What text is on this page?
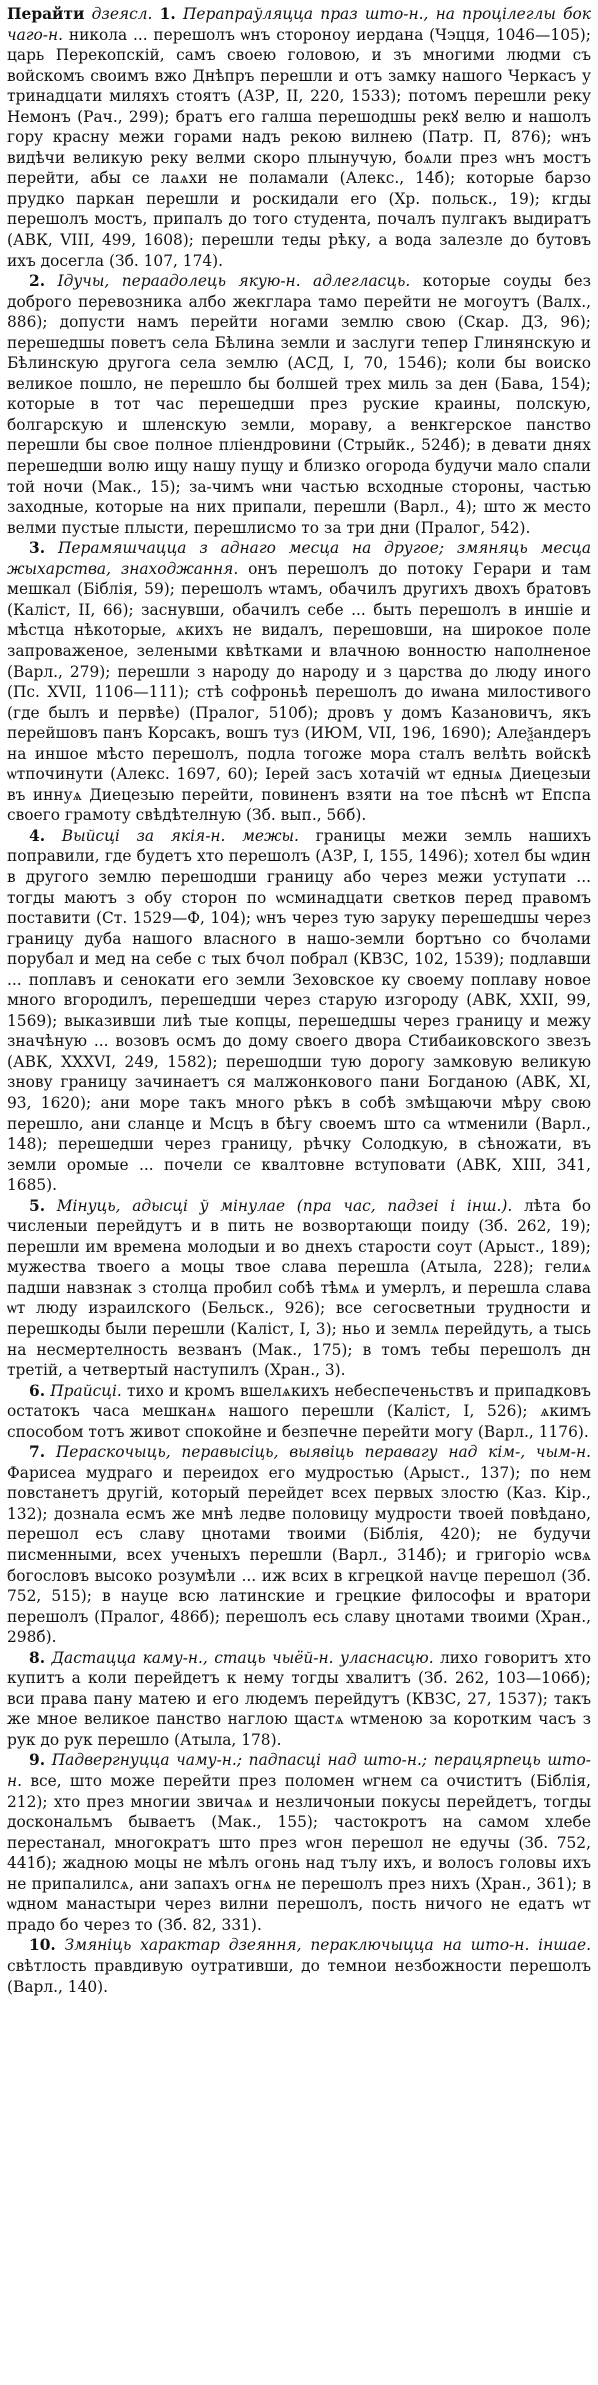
Перайти дзеясл. 1. Перапраўляцца праз што-н., на процілеглы бок чаго-н. никола ... перешолъ ѡнъ стороноу иердана (Чэцця, 1046—105); царь Перекопскій, самъ своею головою, и зъ многими людми съ войскомъ своимъ вжо Днѣпръ перешли и отъ замку нашого Черкасъ у тринадцати миляхъ стоятъ (АЗР, II, 220, 1533); потомъ перешли реку Немонъ (Рач., 299); братъ его галша перешодшы рекꙋ велю и нашолъ гору красну межи горами надъ рекою вилнею (Патр. П, 876); ѡнъ видѣчи великую реку велми скоро плынучую, боѧли през ѡнъ мостъ перейти, абы се лаѧхи не поламали (Алекс., 14б); которые барзо прудко паркан перешли и роскидали его (Хр. польск., 19); кгды перешолъ мостъ, припалъ до того студента, почалъ пулгакъ выдиратъ (АВК, VIII, 499, 1608); перешли теды рѣку, а вода залезле до бутовъ ихъ досегла (Зб. 107, 174).

2. Ідучы, пераадолець якую-н. адлегласць. которые соуды без доброго перевозника албо жекглара тамо перейти не могоутъ (Валх., 886); допусти намъ перейти ногами землю свою (Скар. ДЗ, 96); перешедшы поветъ села Бѣлина земли и заслуги тепер Глинянскую и Бѣлинскую другога села землю (АСД, I, 70, 1546); коли бы воиско великое пошло, не перешло бы болшей трех миль за ден (Бава, 154); которые в тот час перешедши през руские краины, полскую, болгарскую и шленскую земли, мораву, а венкгерское панство перешли бы свое полное пліендровини (Стрыйк., 524б); в девати днях перешедши волю ищу нашу пущу и близко огорода будучи мало спали той ночи (Мак., 15); за-чимъ ѡни частью всходные стороны, частью заходные, которые на них припали, перешли (Варл., 4); што ж место велми пустые плысти, перешлисмо то за три дни (Пралог, 542).

3. Перамяшчацца з аднаго месца на другое; змяняць месца жыхарства, знаходжання. онъ перешолъ до потоку Герари и там мешкал (Біблія, 59); перешолъ ѡтамъ, обачилъ другихъ двохъ братовъ (Каліст, II, 66); заснувши, обачилъ себе ... быть перешолъ в иншіе и мѣстца нѣкоторые, ѧкихъ не видалъ, перешовши, на широкое поле запроваженое, зелеными квѣтками и влачною вонностю наполненое (Варл., 279); перешли з народу до народу и з царства до люду иного (Пс. XVII, 1106—111); стѣ софроньѣ перешолъ до иѡана милостивого (где былъ и первѣе) (Пралог, 510б); дровъ у домъ Казановичъ, якъ перейшовъ панъ Корсакъ, вошъ туз (ИЮМ, VII, 196, 1690); Алеѯандеръ на иншое мѣсто перешолъ, подла тогоже мора сталъ велѣть войскѣ ѡтпочинути (Алекс. 1697, 60); Іерей засъ хотачій ѡт едныѧ Диецезыи въ иннуѧ Диецезыю перейти, повиненъ взяти на тое пѣснѣ ѡт Епспа своего грамоту свѣдѣтелную (Зб. вып., 56б).

4. Выйсці за якія-н. межы. границы межи земль нашихъ поправили, где будетъ хто перешолъ (АЗР, I, 155, 1496); хотел бы ѡдин в другого землю перешодши границу або через межи уступати ... тогды маютъ з обу сторон по ѡсминадцати светков перед правомъ поставити (Ст. 1529—Ф, 104); ѡнъ через тую заруку перешедшы через границу дуба нашого власного в нашо-земли бортъно со бчолами порубал и мед на себе с тых бчол побрал (КВЗС, 102, 1539); подлавши ... поплавъ и сенокати его земли Зеховское ку своему поплаву новое много вгородилъ, перешедши через старую изгороду (АВК, XXII, 99, 1569); выказивши лиѣ тые копцы, перешедшы через границу и межу значѣную ... возовъ осмъ до дому своего двора Стибаиковского звезъ (АВК, XXXVI, 249, 1582); перешодши тую дорогу замковую великую знову границу зачинаетъ ся малжонкового пани Богданою (АВК, XI, 93, 1620); ани море такъ много рѣкъ в собѣ змѣщаючи мѣру свою перешло, ани сланце и Мсцъ в бѣгу своемъ што са ѡтменили (Варл., 148); перешедши через границу, рѣчку Солодкую, в сѣножати, въ земли оромые ... почели се квалтовне вступовати (АВК, XIII, 341, 1685).

5. Мінуць, адысці ў мінулае (пра час, падзеі і інш.). лѣта бо численыи перейдутъ и в пить не возвортающи поиду (Зб. 262, 19); перешли им времена молодыи и во днехъ старости соут (Арыст., 189); мужества твоего а моцы твое слава перешла (Атыла, 228); гелиѧ падши навзнак з столца пробил собѣ тѣмѧ и умерлъ, и перешла слава ѡт люду израилского (Бельск., 926); все сегосветныи трудности и перешкоды были перешли (Каліст, I, 3); ньо и землѧ перейдуть, а тысь на несмертелность везванъ (Мак., 175); в томъ тебы перешолъ дн третій, а четвертый наступилъ (Хран., 3).

6. Прайсці. тихо и кромъ вшелѧкихъ небеспеченьствъ и припадковъ остатокъ часа мешканѧ нашого перешли (Каліст, I, 526); ѧкимъ способом тотъ живот спокойне и безпечне перейти могу (Варл., 1176).

7. Пераскочыць, перавысіць, выявіць перавагу над кім-, чым-н. Фарисеа мудраго и переидох его мудростью (Арыст., 137); по нем повстанетъ другій, который перейдет всех первых злостю (Каз. Кір., 132); дознала есмъ же мнѣ ледве половицу мудрости твоей повѣдано, перешол есъ славу цнотами твоими (Біблія, 420); не будучи писменными, всех ученыхъ перешли (Варл., 314б); и григоріо ѡсвѧ богословъ высоко розумѣли ... иж всих в кгрецкой наѵце перешол (Зб. 752, 515); в науце всю латинские и грецкие философы и вратори перешолъ (Пралог, 486б); перешолъ есь славу цнотами твоими (Хран., 298б).

8. Дастацца каму-н., стаць чыёй-н. уласнасцю. лихо говоритъ хто купитъ а коли перейдетъ к нему тогды хвалитъ (Зб. 262, 103—106б); вси права пану матею и его людемъ перейдутъ (КВЗС, 27, 1537); такъ же мное великое панство наглою щастѧ ѡтменою за коротким часъ з рук до рук перешло (Атыла, 178).

9. Падвергнуцца чаму-н.; падпасці над што-н.; перацярпець што-н. все, што може перейти през поломен ѡгнем са очиститъ (Біблія, 212); хто през многии звичаѧ и незличоныи покусы перейдетъ, тогды доскональмъ бываетъ (Мак., 155); частокротъ на самом хлебе перестанал, многократъ што през ѡгон перешол не едучы (Зб. 752, 441б); жадною моцы не мѣлъ огонь над тълу ихъ, и волосъ головы ихъ не припалилсѧ, ани запахъ огнѧ не перешолъ през нихъ (Хран., 361); в ѡдном манастыри через вилни перешолъ, пость ничого не едатъ ѡт прадо бо через то (Зб. 82, 331).

10. Змяніць характар дзеяння, пераключыцца на што-н. іншае. свѣтлость правдивую оутративши, до темнои незбожности перешолъ (Варл., 140).
